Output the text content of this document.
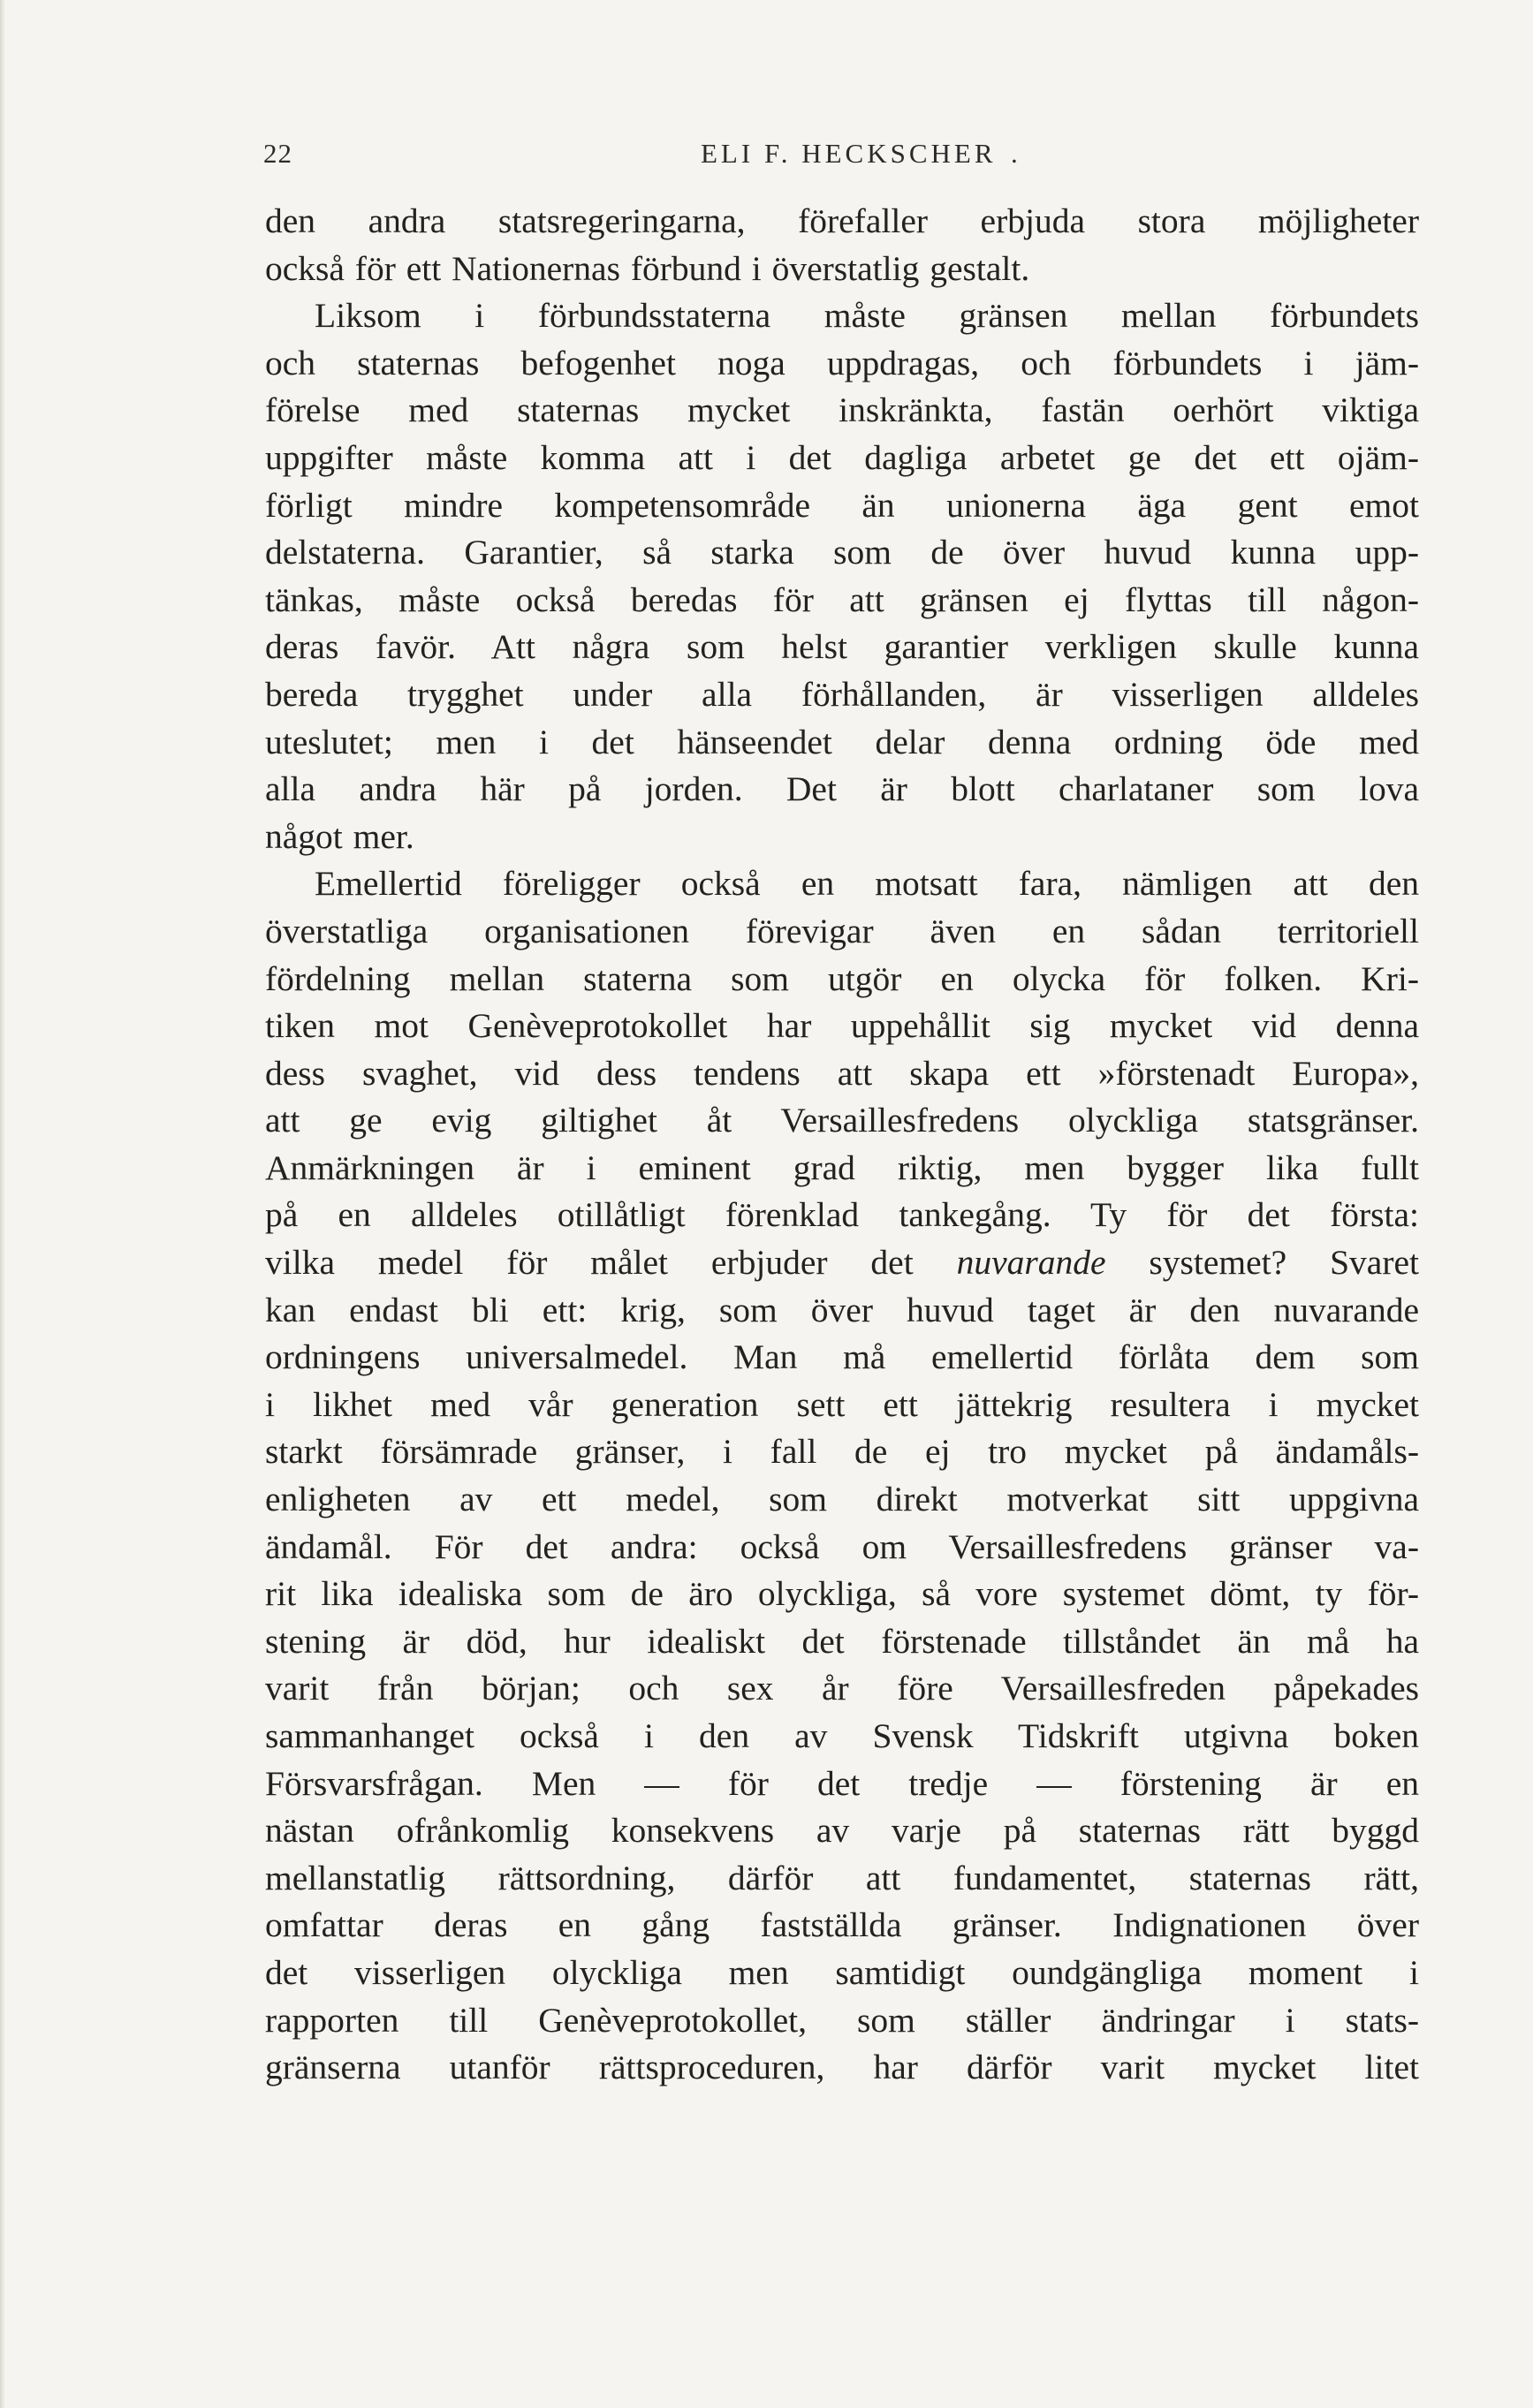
22	ELI F. HECKSCHER .
den andra statsregeringarna, förefaller erbjuda stora möjligheter
också för ett Nationernas förbund i överstatlig gestalt.
Liksom i förbundsstaterna måste gränsen mellan förbundets
och staternas befogenhet noga uppdragas, och förbundets i jäm-
förelse med staternas mycket inskränkta, fastän oerhört viktiga
uppgifter måste komma att i det dagliga arbetet ge det ett ojäm-
förligt mindre kompetensområde än unionerna äga gent emot
delstaterna. Garantier, så starka som de över huvud kunna upp-
tänkas, måste också beredas för att gränsen ej flyttas till någon-
deras favör. Att några som helst garantier verkligen skulle kunna
bereda trygghet under alla förhållanden, är visserligen alldeles
uteslutet; men i det hänseendet delar denna ordning öde med
alla andra här på jorden. Det är blott charlataner som lova
något mer.
Emellertid föreligger också en motsatt fara, nämligen att den
överstatliga organisationen förevigar även en sådan territoriell
fördelning mellan staterna som utgör en olycka för folken. Kri-
tiken mot Genèveprotokollet har uppehållit sig mycket vid denna
dess svaghet, vid dess tendens att skapa ett »förstenadt Europa»,
att ge evig giltighet åt Versaillesfredens olyckliga statsgränser.
Anmärkningen är i eminent grad riktig, men bygger lika fullt
på en alldeles otillåtligt förenklad tankegång. Ty för det första:
vilka medel för målet erbjuder det nuvarande systemet? Svaret
kan endast bli ett: krig, som över huvud taget är den nuvarande
ordningens universalmedel. Man må emellertid förlåta dem som
i likhet med vår generation sett ett jättekrig resultera i mycket
starkt försämrade gränser, i fall de ej tro mycket på ändamåls-
enligheten av ett medel, som direkt motverkat sitt uppgivna
ändamål. För det andra: också om Versaillesfredens gränser va-
rit lika idealiska som de äro olyckliga, så vore systemet dömt, ty för-
stening är död, hur idealiskt det förstenade tillståndet än må ha
varit från början; och sex år före Versaillesfreden påpekades
sammanhanget också i den av Svensk Tidskrift utgivna boken
Försvarsfrågan. Men — för det tredje — förstening är en
nästan ofrånkomlig konsekvens av varje på staternas rätt byggd
mellanstatlig rättsordning, därför att fundamentet, staternas rätt,
omfattar deras en gång fastställda gränser. Indignationen över
det visserligen olyckliga men samtidigt oundgängliga moment i
rapporten till Genèveprotokollet, som ställer ändringar i stats-
gränserna utanför rättsproceduren, har därför varit mycket litet
